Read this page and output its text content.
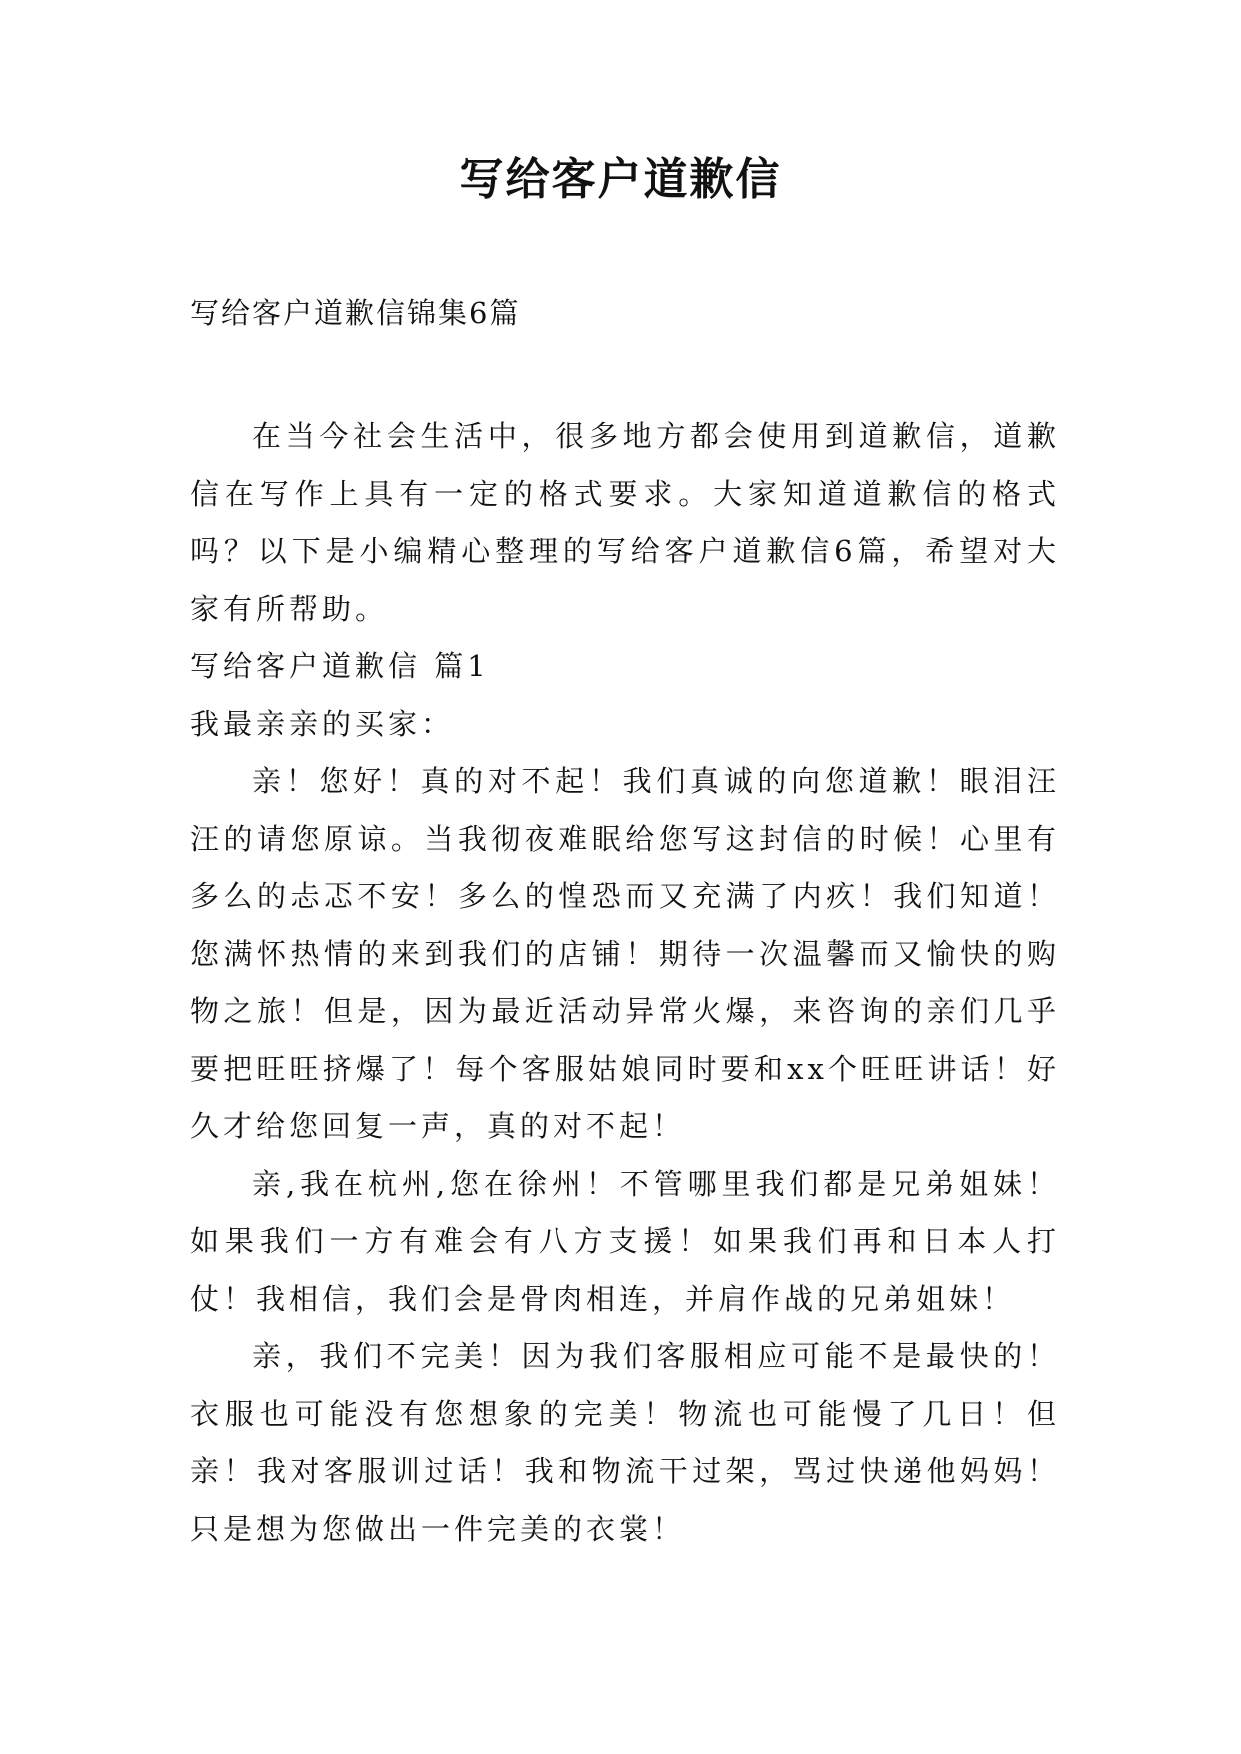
写给客户道歉信
写给客户道歉信锦集6篇

在当今社会生活中，很多地方都会使用到道歉信，道歉信在写作上具有一定的格式要求。大家知道道歉信的格式吗？以下是小编精心整理的写给客户道歉信6篇，希望对大家有所帮助。

写给客户道歉信 篇1

我最亲亲的买家：

亲！您好！真的对不起！我们真诚的向您道歉！眼泪汪汪的请您原谅。当我彻夜难眠给您写这封信的时候！心里有多么的忐忑不安！多么的惶恐而又充满了内疚！我们知道！您满怀热情的来到我们的店铺！期待一次温馨而又愉快的购物之旅！但是，因为最近活动异常火爆，来咨询的亲们几乎要把旺旺挤爆了！每个客服姑娘同时要和xx个旺旺讲话！好久才给您回复一声，真的对不起！

亲,我在杭州,您在徐州！不管哪里我们都是兄弟姐妹！如果我们一方有难会有八方支援！如果我们再和日本人打仗！我相信，我们会是骨肉相连，并肩作战的兄弟姐妹！

亲，我们不完美！因为我们客服相应可能不是最快的！衣服也可能没有您想象的完美！物流也可能慢了几日！但亲！我对客服训过话！我和物流干过架，骂过快递他妈妈！只是想为您做出一件完美的衣裳！
